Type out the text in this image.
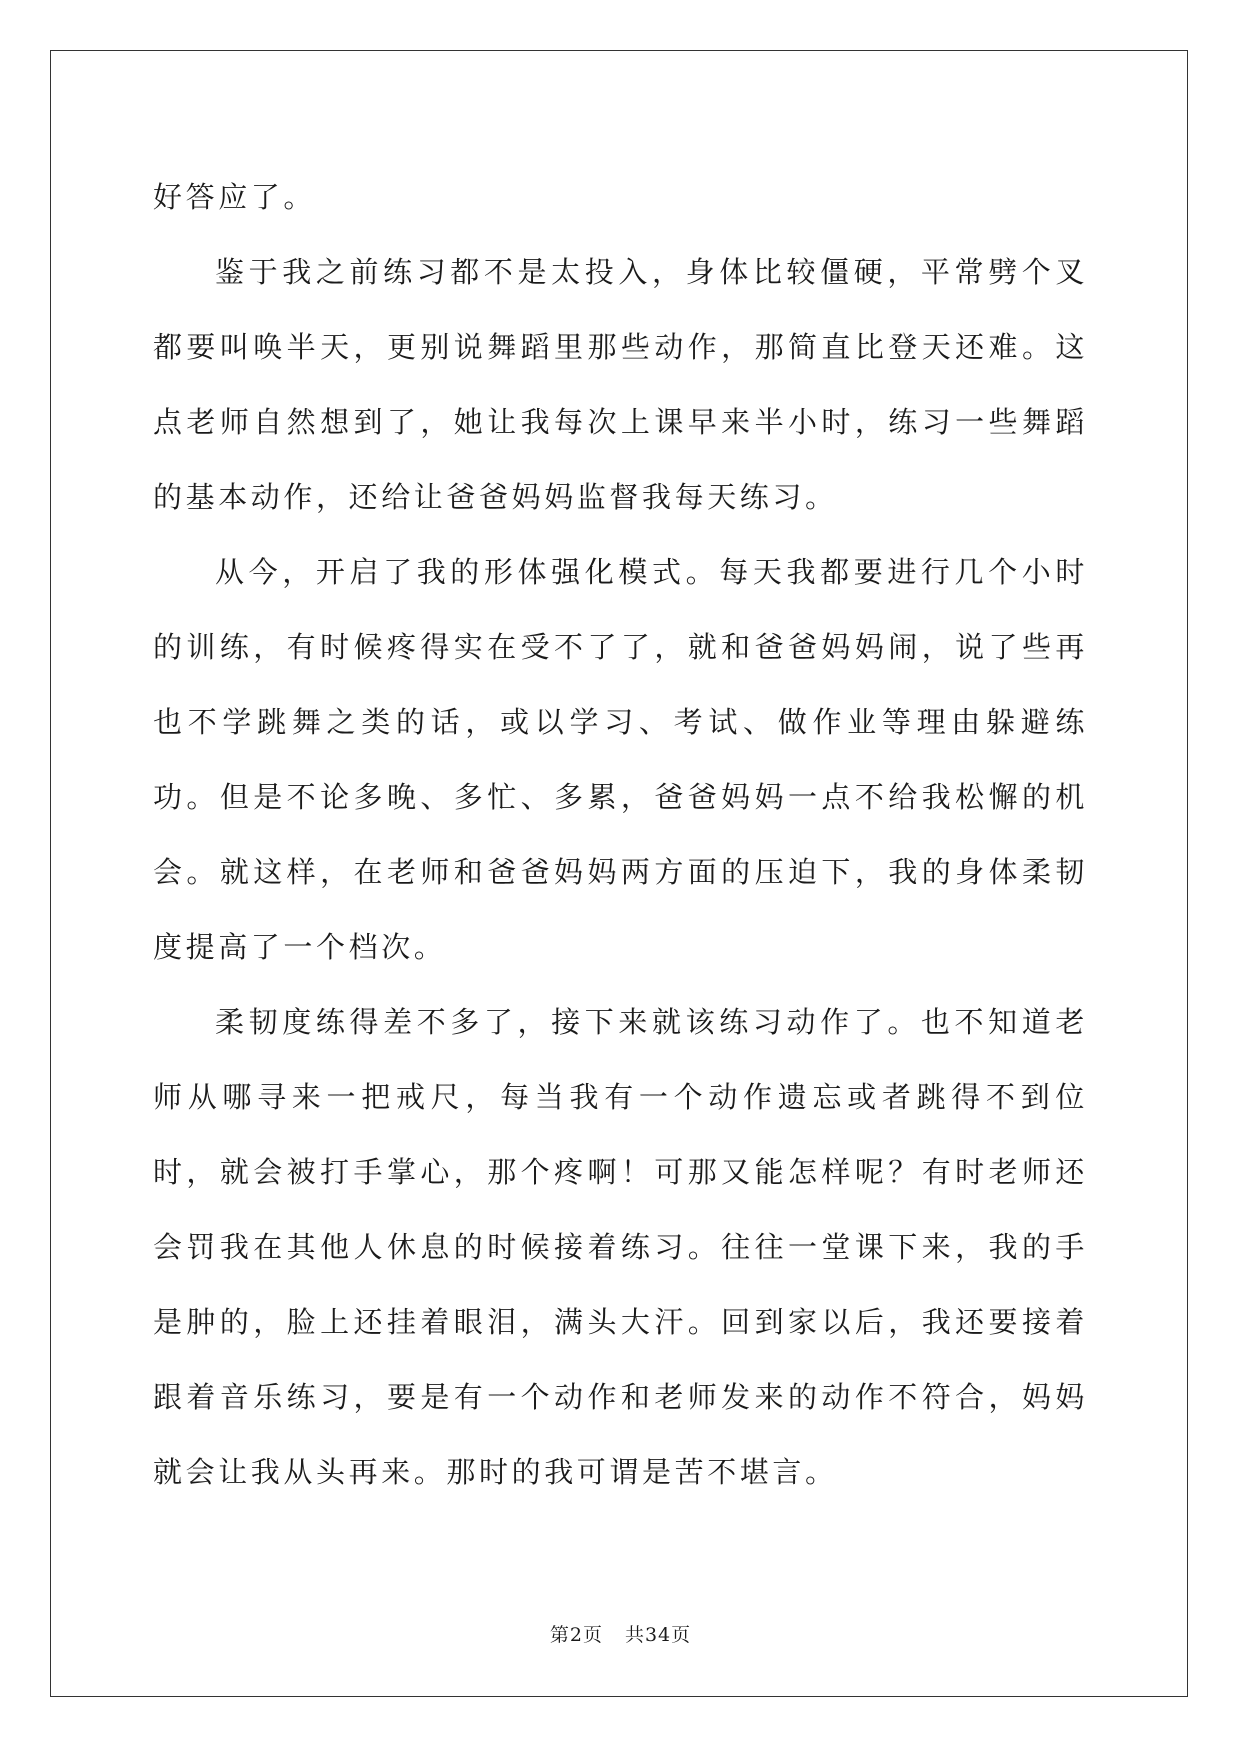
好答应了。

鉴于我之前练习都不是太投入，身体比较僵硬，平常劈个叉都要叫唤半天，更别说舞蹈里那些动作，那简直比登天还难。这点老师自然想到了，她让我每次上课早来半小时，练习一些舞蹈的基本动作，还给让爸爸妈妈监督我每天练习。

从今，开启了我的形体强化模式。每天我都要进行几个小时的训练，有时候疼得实在受不了了，就和爸爸妈妈闹，说了些再也不学跳舞之类的话，或以学习、考试、做作业等理由躲避练功。但是不论多晚、多忙、多累，爸爸妈妈一点不给我松懈的机会。就这样，在老师和爸爸妈妈两方面的压迫下，我的身体柔韧度提高了一个档次。

柔韧度练得差不多了，接下来就该练习动作了。也不知道老师从哪寻来一把戒尺，每当我有一个动作遗忘或者跳得不到位时，就会被打手掌心，那个疼啊！可那又能怎样呢？有时老师还会罚我在其他人休息的时候接着练习。往往一堂课下来，我的手是肿的，脸上还挂着眼泪，满头大汗。回到家以后，我还要接着跟着音乐练习，要是有一个动作和老师发来的动作不符合，妈妈就会让我从头再来。那时的我可谓是苦不堪言。

第2页 共34页
